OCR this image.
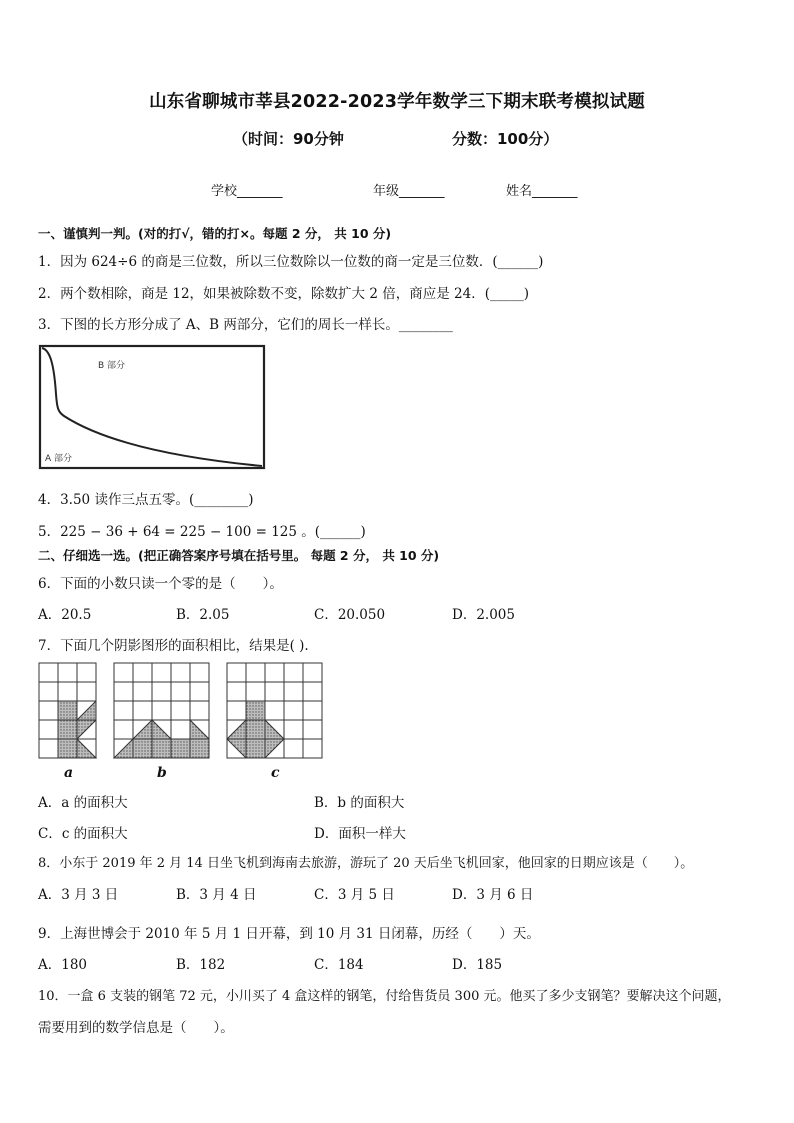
山东省聊城市莘县2022-2023学年数学三下期末联考模拟试题
（时间：90分钟	分数：100分）
学校_______	年级_______	姓名_______
一、谨慎判一判。(对的打√，错的打×。每题 2 分， 共 10 分)
1．因为 624÷6 的商是三位数，所以三位数除以一位数的商一定是三位数．(______)
2．两个数相除，商是 12，如果被除数不变，除数扩大 2 倍，商应是 24．(_____)
3．下图的长方形分成了 A、B 两部分，它们的周长一样长。________
B 部分
A 部分
4．3.50 读作三点五零。(________)
5．225 − 36 + 64 = 225 − 100 = 125 。(______)
二、仔细选一选。(把正确答案序号填在括号里。 每题 2 分， 共 10 分)
6．下面的小数只读一个零的是（　　）。
A．20.5	B．2.05	C．20.050	D．2.005
7．下面几个阴影图形的面积相比，结果是( ).
a	b	c
A．a 的面积大	B．b 的面积大
C．c 的面积大	D．面积一样大
8．小东于 2019 年 2 月 14 日坐飞机到海南去旅游，游玩了 20 天后坐飞机回家，他回家的日期应该是（　　）。
A．3 月 3 日	B．3 月 4 日	C．3 月 5 日	D．3 月 6 日
9．上海世博会于 2010 年 5 月 1 日开幕，到 10 月 31 日闭幕，历经（　　）天。
A．180	B．182	C．184	D．185
10．一盒 6 支装的钢笔 72 元，小川买了 4 盒这样的钢笔，付给售货员 300 元。他买了多少支钢笔？要解决这个问题，
需要用到的数学信息是（　　）。
